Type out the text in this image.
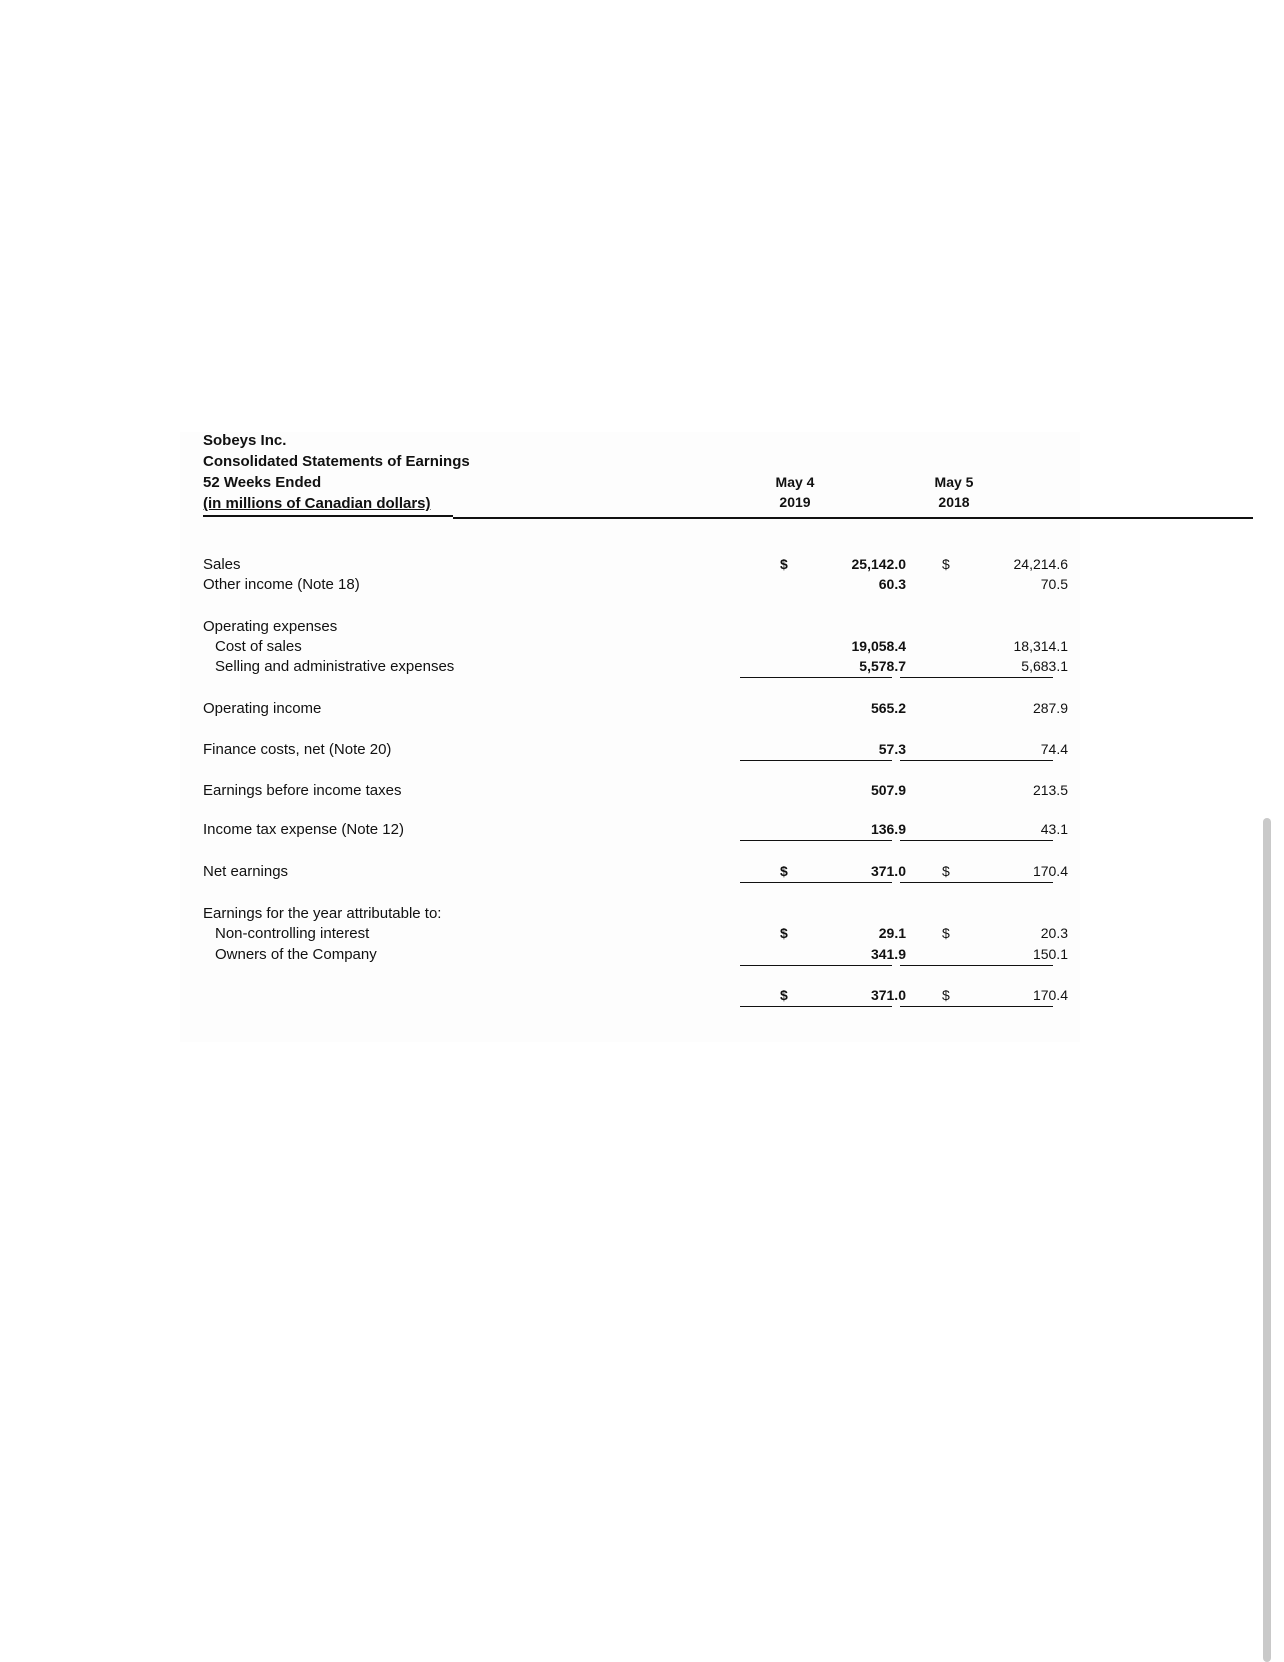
Sobeys Inc.
Consolidated Statements of Earnings
52 Weeks Ended
(in millions of Canadian dollars)
May 4
2019
May 5
2018
Sales	$	25,142.0	$	24,214.6
Other income (Note 18)	60.3	70.5
Operating expenses
Cost of sales	19,058.4	18,314.1
Selling and administrative expenses	5,578.7	5,683.1
Operating income	565.2	287.9
Finance costs, net (Note 20)	57.3	74.4
Earnings before income taxes	507.9	213.5
Income tax expense (Note 12)	136.9	43.1
Net earnings	$	371.0	$	170.4
Earnings for the year attributable to:
Non-controlling interest	$	29.1	$	20.3
Owners of the Company	341.9	150.1
$	371.0	$	170.4
